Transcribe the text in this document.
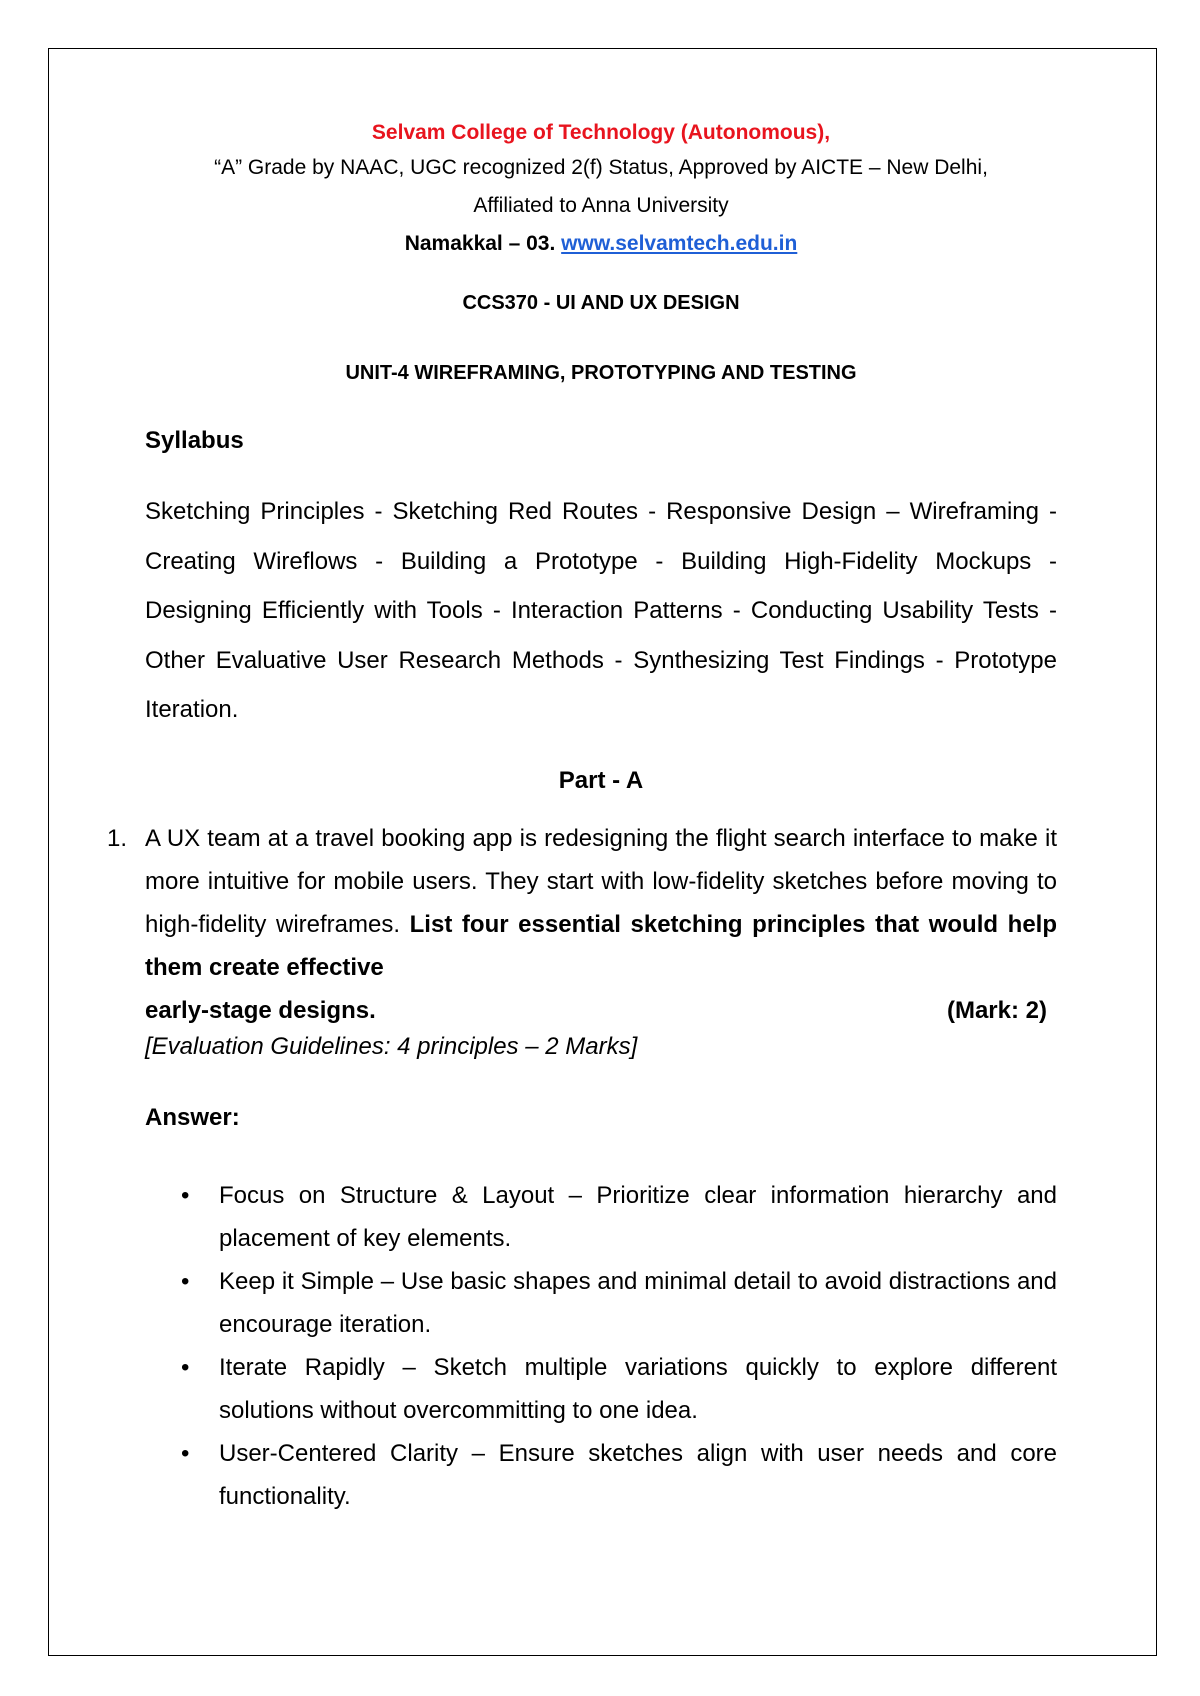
Selvam College of Technology (Autonomous),

“A” Grade by NAAC, UGC recognized 2(f) Status, Approved by AICTE – New Delhi,

Affiliated to Anna University

Namakkal – 03. www.selvamtech.edu.in

CCS370 - UI AND UX DESIGN

UNIT-4 WIREFRAMING, PROTOTYPING AND TESTING

Syllabus

Sketching Principles - Sketching Red Routes - Responsive Design – Wireframing - Creating Wireflows - Building a Prototype - Building High-Fidelity Mockups - Designing Efficiently with Tools - Interaction Patterns - Conducting Usability Tests - Other Evaluative User Research Methods - Synthesizing Test Findings - Prototype Iteration.

Part - A

1. A UX team at a travel booking app is redesigning the flight search interface to make it more intuitive for mobile users. They start with low-fidelity sketches before moving to high-fidelity wireframes. List four essential sketching principles that would help them create effective
early-stage designs.	(Mark: 2)

[Evaluation Guidelines: 4 principles – 2 Marks]

Answer:

• Focus on Structure & Layout – Prioritize clear information hierarchy and placement of key elements.
• Keep it Simple – Use basic shapes and minimal detail to avoid distractions and encourage iteration.
• Iterate Rapidly – Sketch multiple variations quickly to explore different solutions without overcommitting to one idea.
• User-Centered Clarity – Ensure sketches align with user needs and core functionality.
